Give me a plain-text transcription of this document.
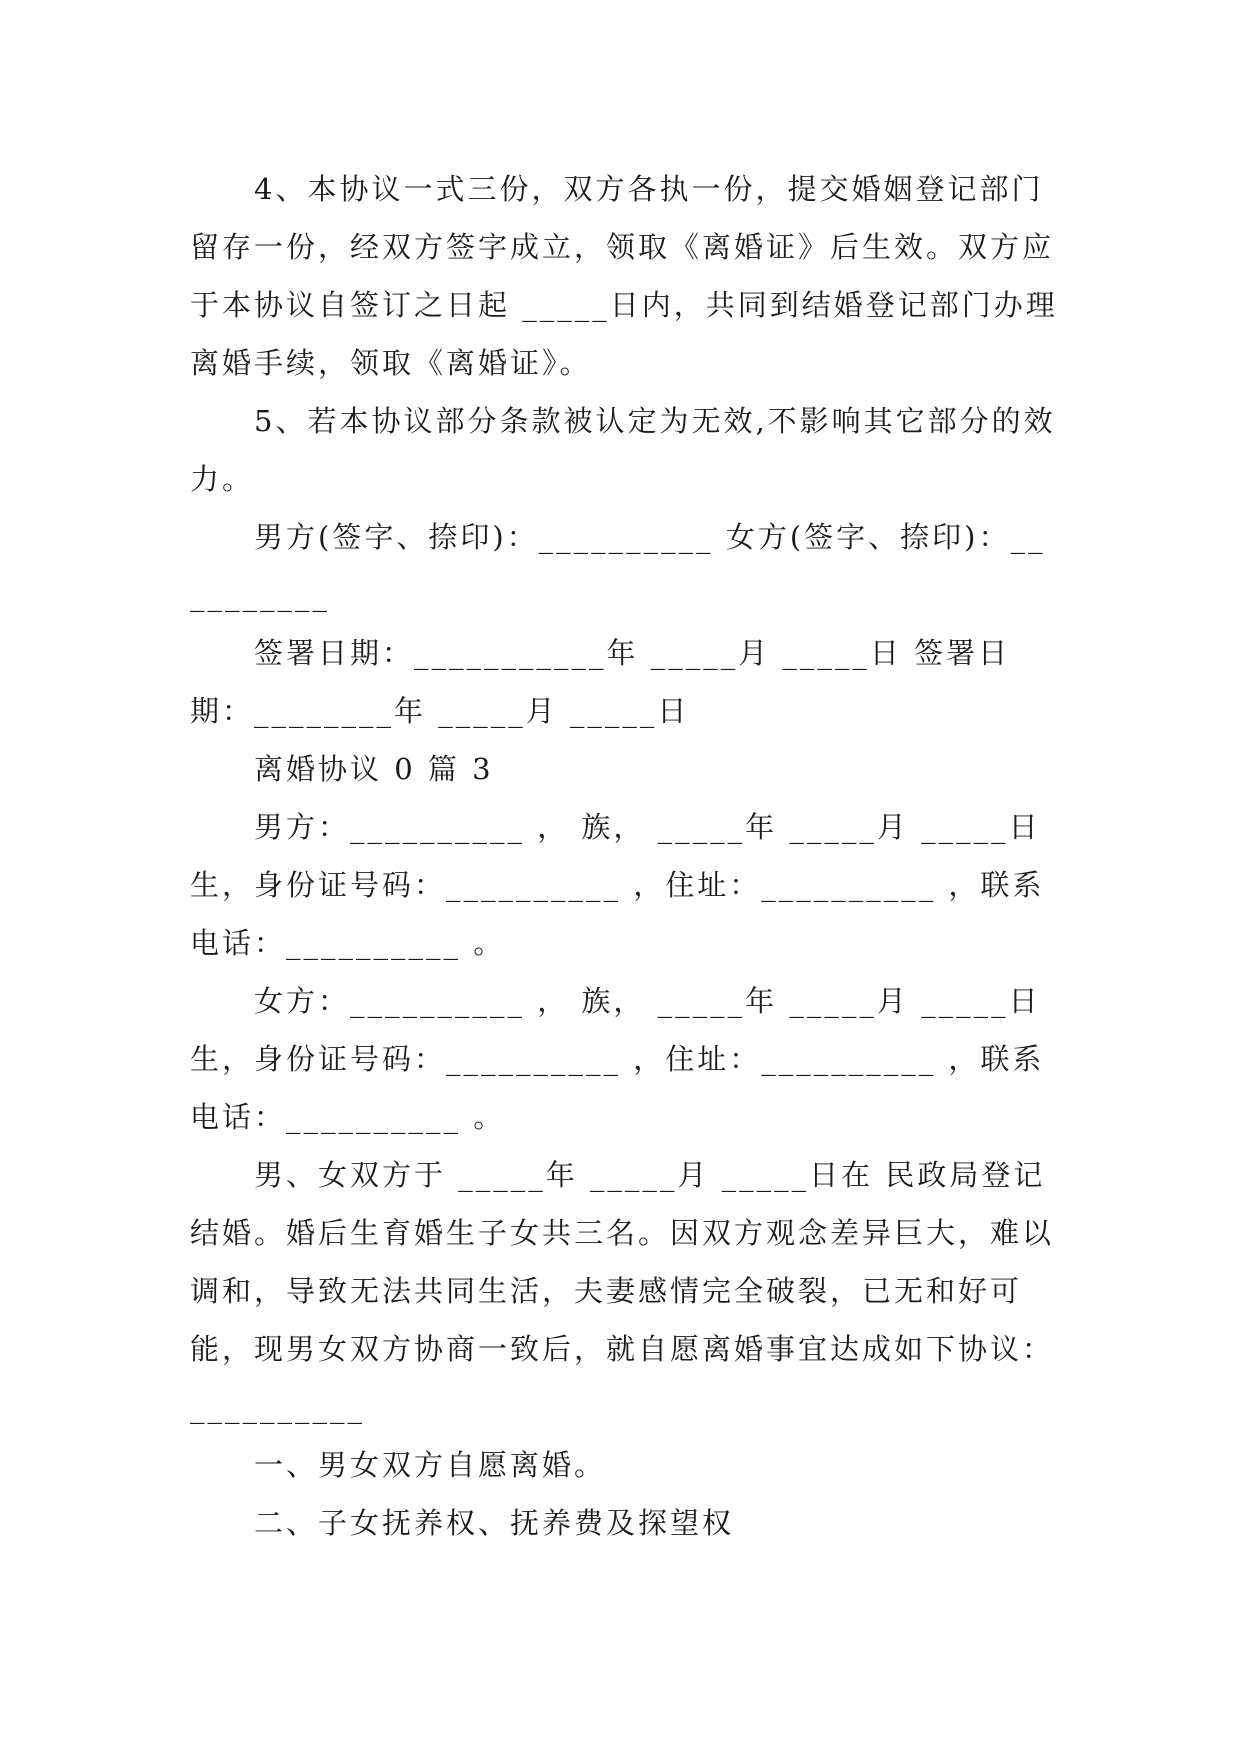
4、本协议一式三份，双方各执一份，提交婚姻登记部门留存一份，经双方签字成立，领取《离婚证》后生效。双方应于本协议自签订之日起 _____日内，共同到结婚登记部门办理离婚手续，领取《离婚证》。

5、若本协议部分条款被认定为无效,不影响其它部分的效力。

男方(签字、捺印)：__________ 女方(签字、捺印)：__________

签署日期：___________年 _____月 _____日 签署日期：________年 _____月 _____日

离婚协议 0 篇 3

男方：__________ ， 族， _____年 _____月 _____日生，身份证号码：__________ ，住址：__________ ，联系电话：__________ 。

女方：__________ ， 族， _____年 _____月 _____日生，身份证号码：__________ ，住址：__________ ，联系电话：__________ 。

男、女双方于 _____年 _____月 _____日在 民政局登记结婚。婚后生育婚生子女共三名。因双方观念差异巨大，难以调和，导致无法共同生活，夫妻感情完全破裂，已无和好可能，现男女双方协商一致后，就自愿离婚事宜达成如下协议：__________

一、男女双方自愿离婚。

二、子女抚养权、抚养费及探望权
